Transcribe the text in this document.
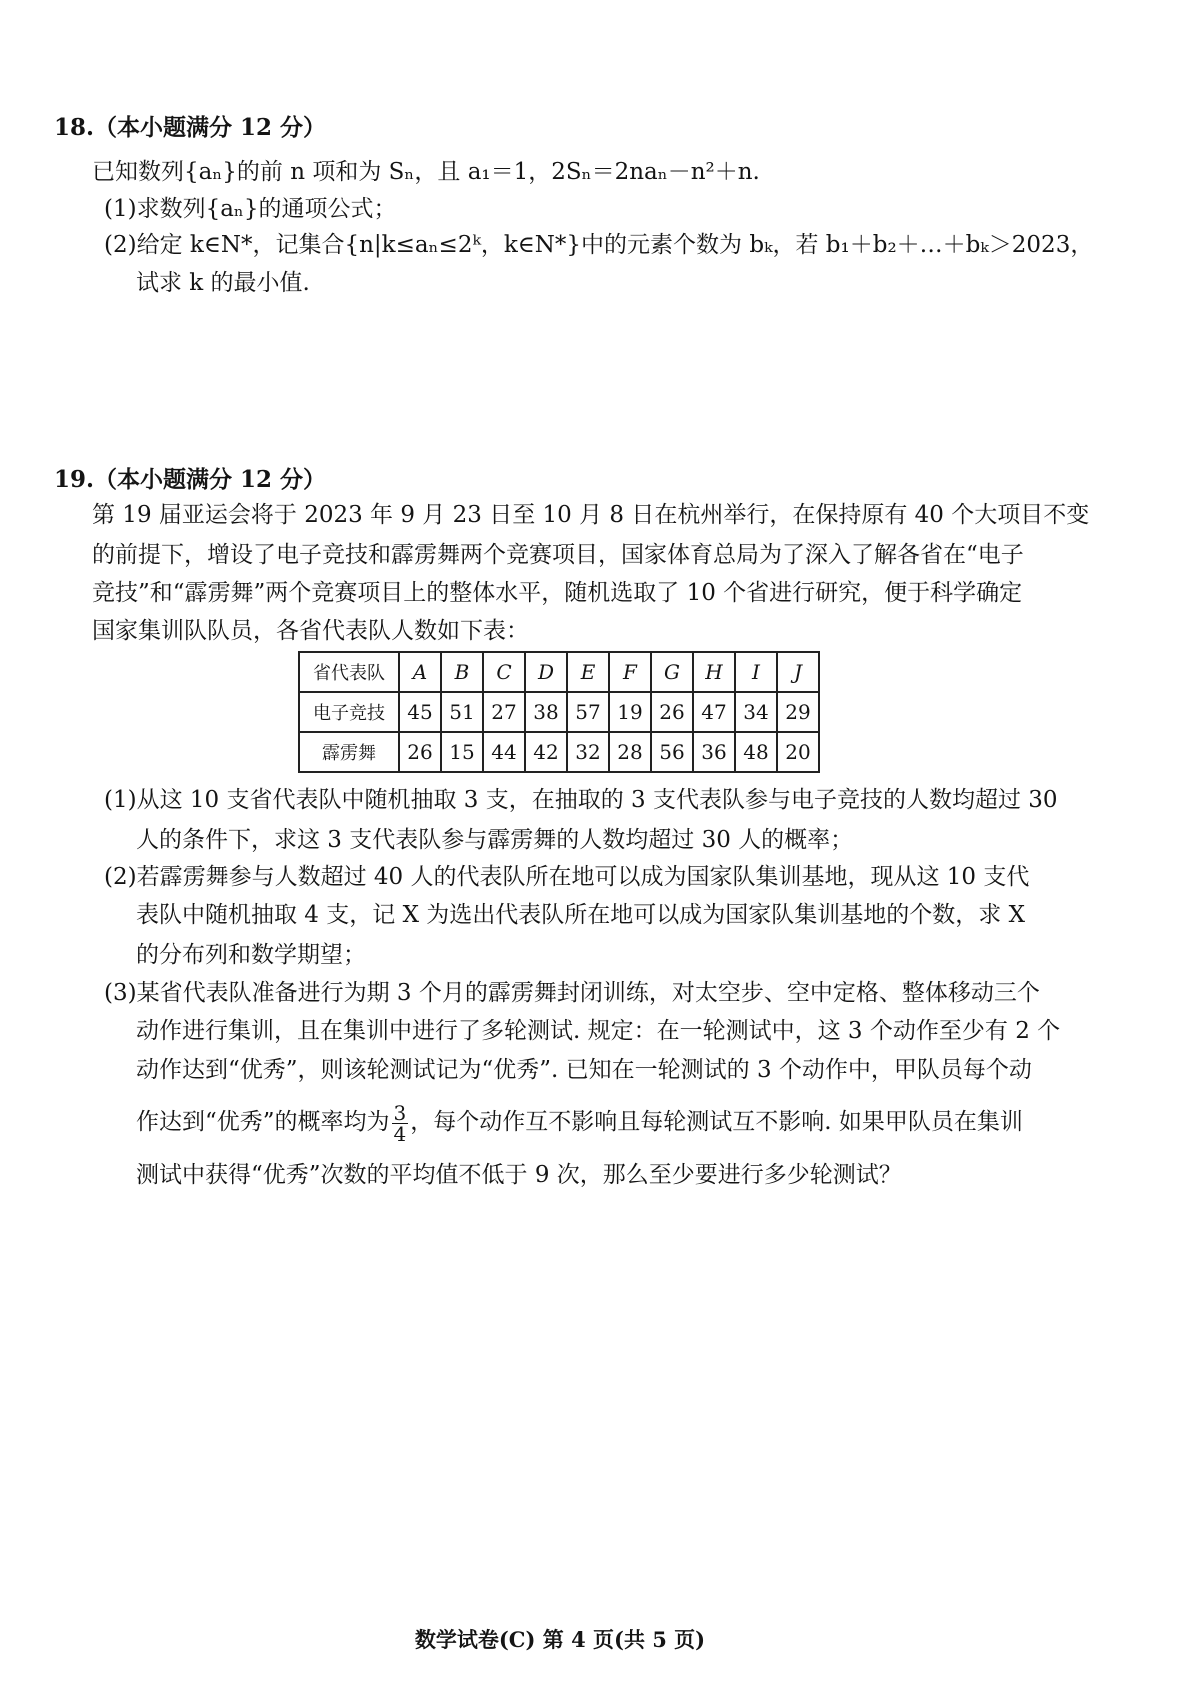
18.（本小题满分 12 分）
已知数列{aₙ}的前 n 项和为 Sₙ，且 a₁＝1，2Sₙ＝2naₙ－n²＋n.
(1)求数列{aₙ}的通项公式；
(2)给定 k∈N*，记集合{n|k≤aₙ≤2ᵏ，k∈N*}中的元素个数为 bₖ，若 b₁＋b₂＋…＋bₖ＞2023，
试求 k 的最小值.
19.（本小题满分 12 分）
第 19 届亚运会将于 2023 年 9 月 23 日至 10 月 8 日在杭州举行，在保持原有 40 个大项目不变
的前提下，增设了电子竞技和霹雳舞两个竞赛项目，国家体育总局为了深入了解各省在“电子
竞技”和“霹雳舞”两个竞赛项目上的整体水平，随机选取了 10 个省进行研究，便于科学确定
国家集训队队员，各省代表队人数如下表：
省代表队	A	B	C	D	E	F	G	H	I	J
电子竞技	45	51	27	38	57	19	26	47	34	29
霹雳舞	26	15	44	42	32	28	56	36	48	20
(1)从这 10 支省代表队中随机抽取 3 支，在抽取的 3 支代表队参与电子竞技的人数均超过 30
人的条件下，求这 3 支代表队参与霹雳舞的人数均超过 30 人的概率；
(2)若霹雳舞参与人数超过 40 人的代表队所在地可以成为国家队集训基地，现从这 10 支代
表队中随机抽取 4 支，记 X 为选出代表队所在地可以成为国家队集训基地的个数，求 X
的分布列和数学期望；
(3)某省代表队准备进行为期 3 个月的霹雳舞封闭训练，对太空步、空中定格、整体移动三个
动作进行集训，且在集训中进行了多轮测试. 规定：在一轮测试中，这 3 个动作至少有 2 个
动作达到“优秀”，则该轮测试记为“优秀”. 已知在一轮测试的 3 个动作中，甲队员每个动
作达到“优秀”的概率均为 $\frac{3}{4}$ ，每个动作互不影响且每轮测试互不影响. 如果甲队员在集训
测试中获得“优秀”次数的平均值不低于 9 次，那么至少要进行多少轮测试？
数学试卷(C) 第 4 页(共 5 页)
